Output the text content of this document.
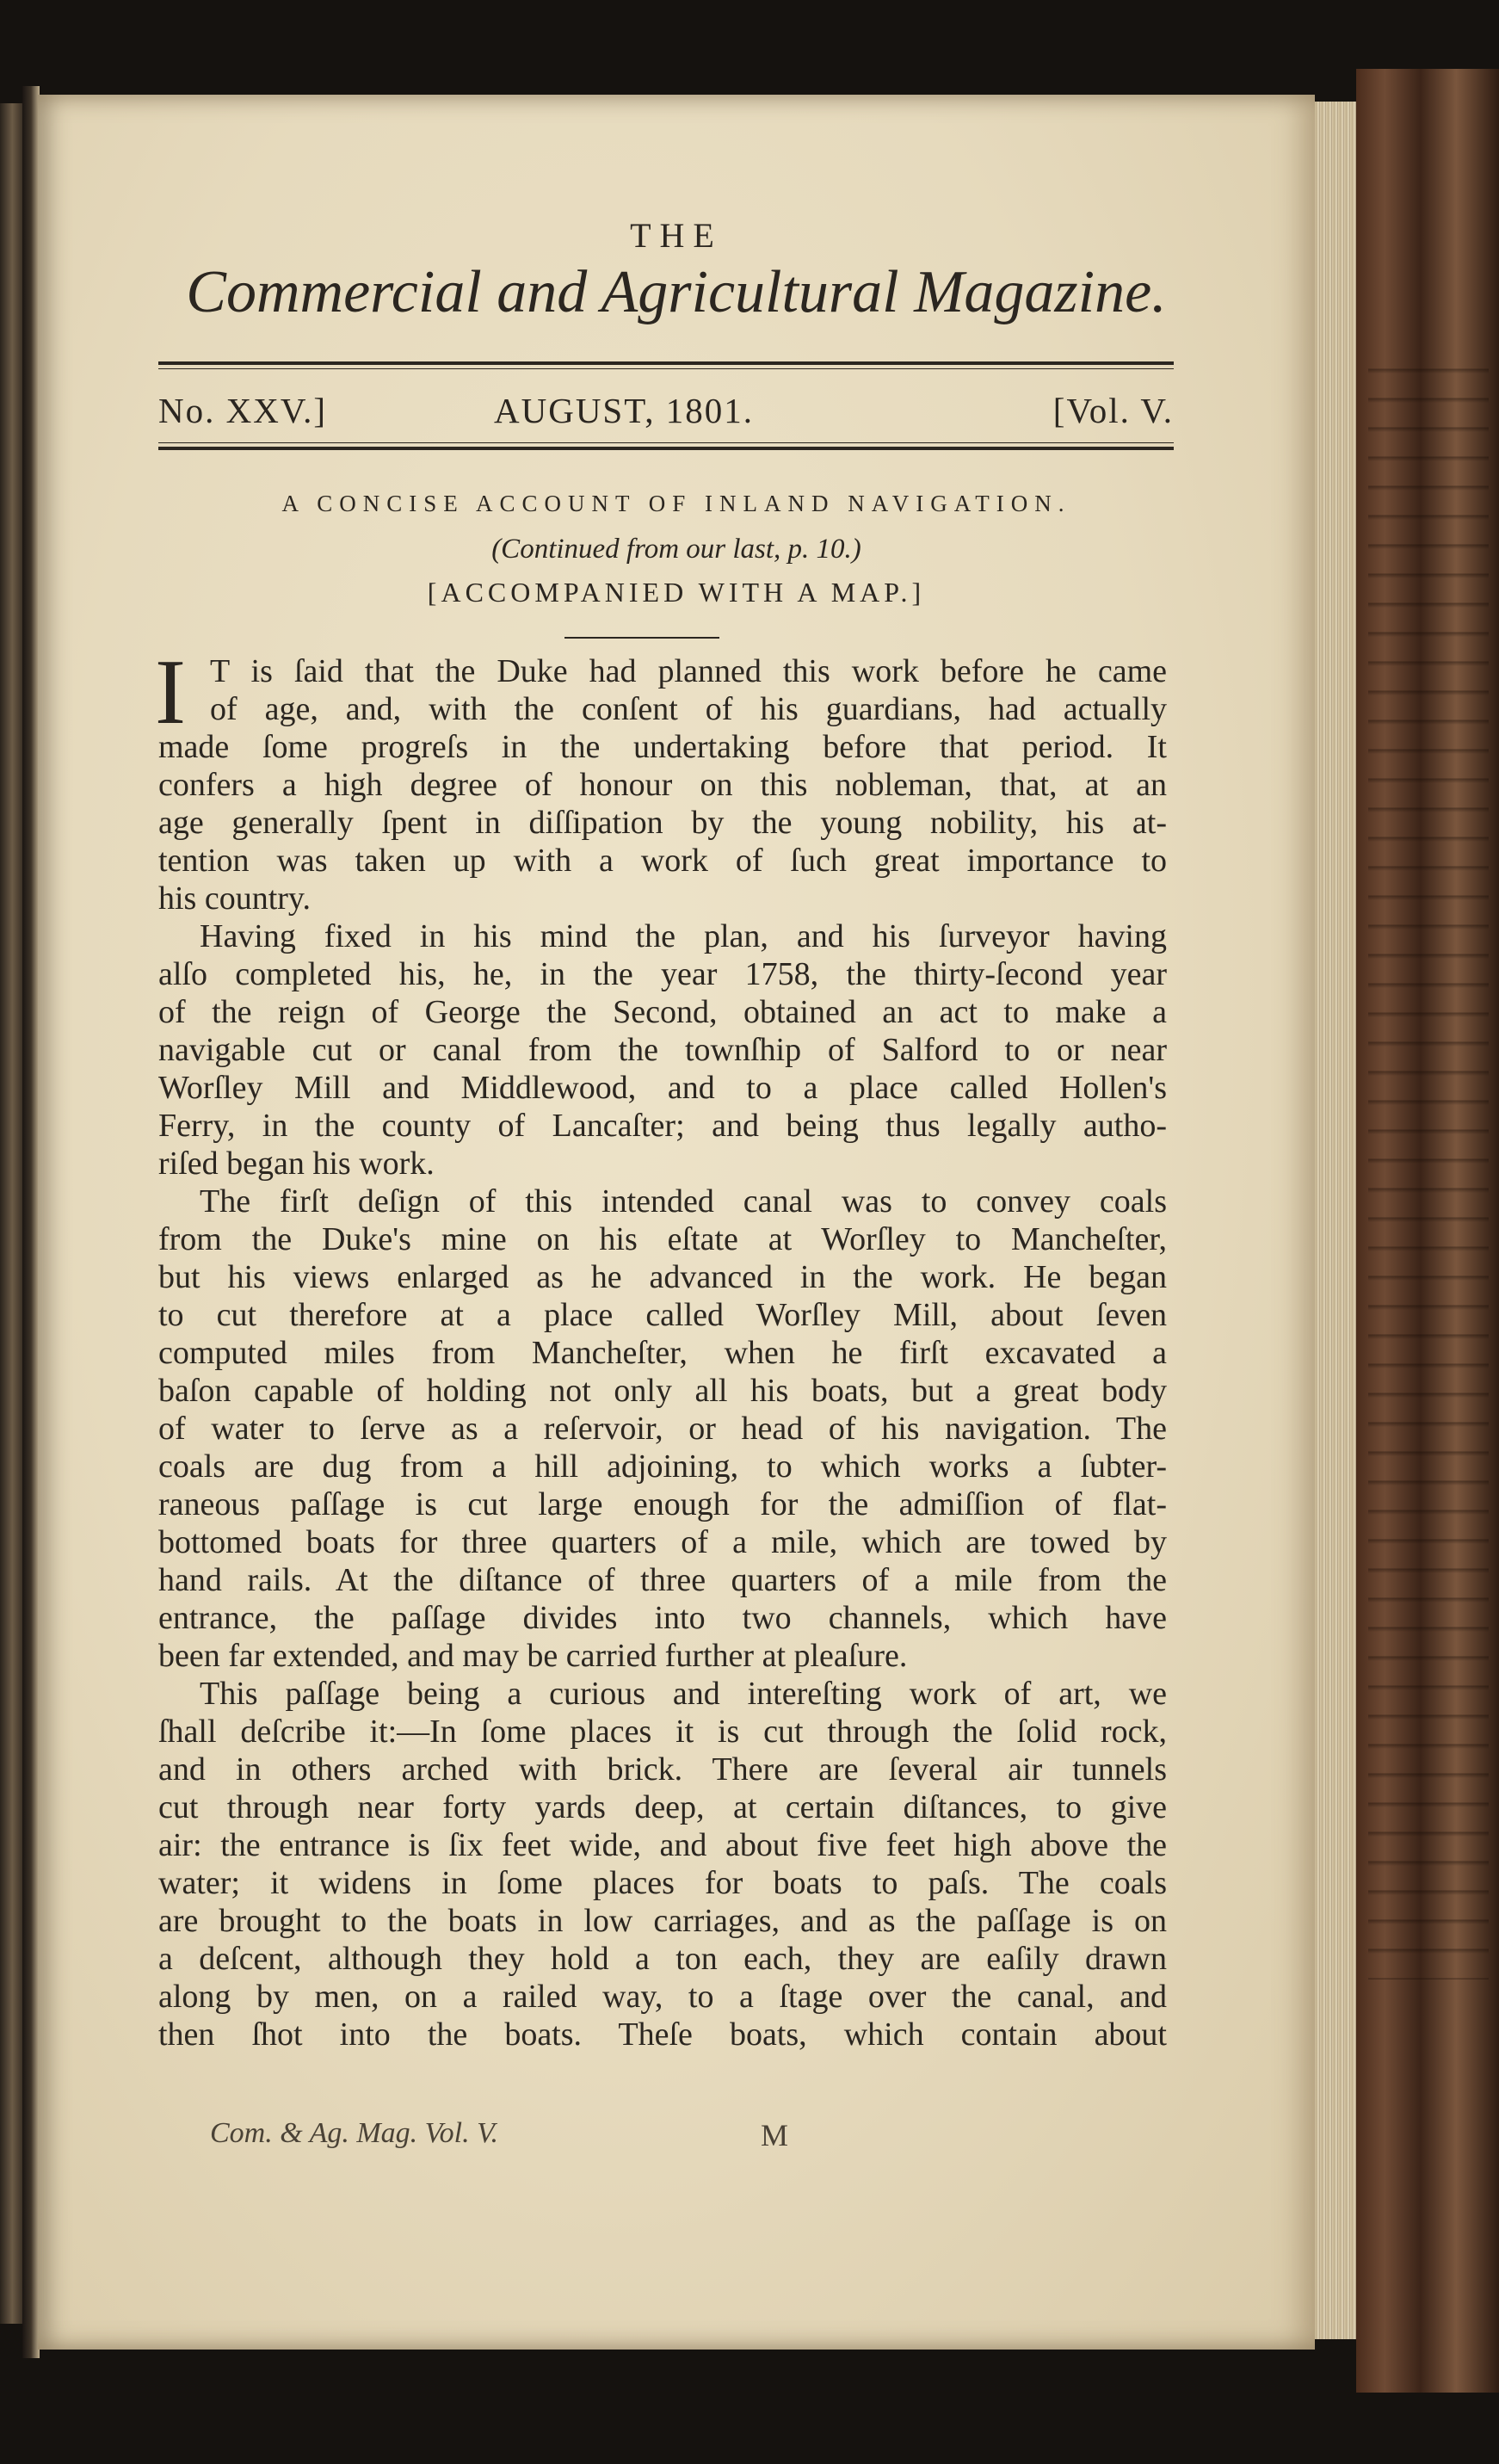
THE
Commercial and Agricultural Magazine.
No. XXV.]	AUGUST, 1801.	[Vol. V.
A CONCISE ACCOUNT OF INLAND NAVIGATION.
(Continued from our last, p. 10.)
[ACCOMPANIED WITH A MAP.]
I T is ſaid that the Duke had planned this work before he came
of age, and, with the conſent of his guardians, had actually
made ſome progreſs in the undertaking before that period. It
confers a high degree of honour on this nobleman, that, at an
age generally ſpent in diſſipation by the young nobility, his at-
tention was taken up with a work of ſuch great importance to
his country.
Having fixed in his mind the plan, and his ſurveyor having
alſo completed his, he, in the year 1758, the thirty-ſecond year
of the reign of George the Second, obtained an act to make a
navigable cut or canal from the townſhip of Salford to or near
Worſley Mill and Middlewood, and to a place called Hollen's
Ferry, in the county of Lancaſter; and being thus legally autho-
riſed began his work.
The firſt deſign of this intended canal was to convey coals
from the Duke's mine on his eſtate at Worſley to Mancheſter,
but his views enlarged as he advanced in the work. He began
to cut therefore at a place called Worſley Mill, about ſeven
computed miles from Mancheſter, when he firſt excavated a
baſon capable of holding not only all his boats, but a great body
of water to ſerve as a reſervoir, or head of his navigation. The
coals are dug from a hill adjoining, to which works a ſubter-
raneous paſſage is cut large enough for the admiſſion of flat-
bottomed boats for three quarters of a mile, which are towed by
hand rails. At the diſtance of three quarters of a mile from the
entrance, the paſſage divides into two channels, which have
been far extended, and may be carried further at pleaſure.
This paſſage being a curious and intereſting work of art, we
ſhall deſcribe it:—In ſome places it is cut through the ſolid rock,
and in others arched with brick. There are ſeveral air tunnels
cut through near forty yards deep, at certain diſtances, to give
air: the entrance is ſix feet wide, and about five feet high above the
water; it widens in ſome places for boats to paſs. The coals
are brought to the boats in low carriages, and as the paſſage is on
a deſcent, although they hold a ton each, they are eaſily drawn
along by men, on a railed way, to a ſtage over the canal, and
then ſhot into the boats. Theſe boats, which contain about
Com. & Ag. Mag. Vol. V.	M
